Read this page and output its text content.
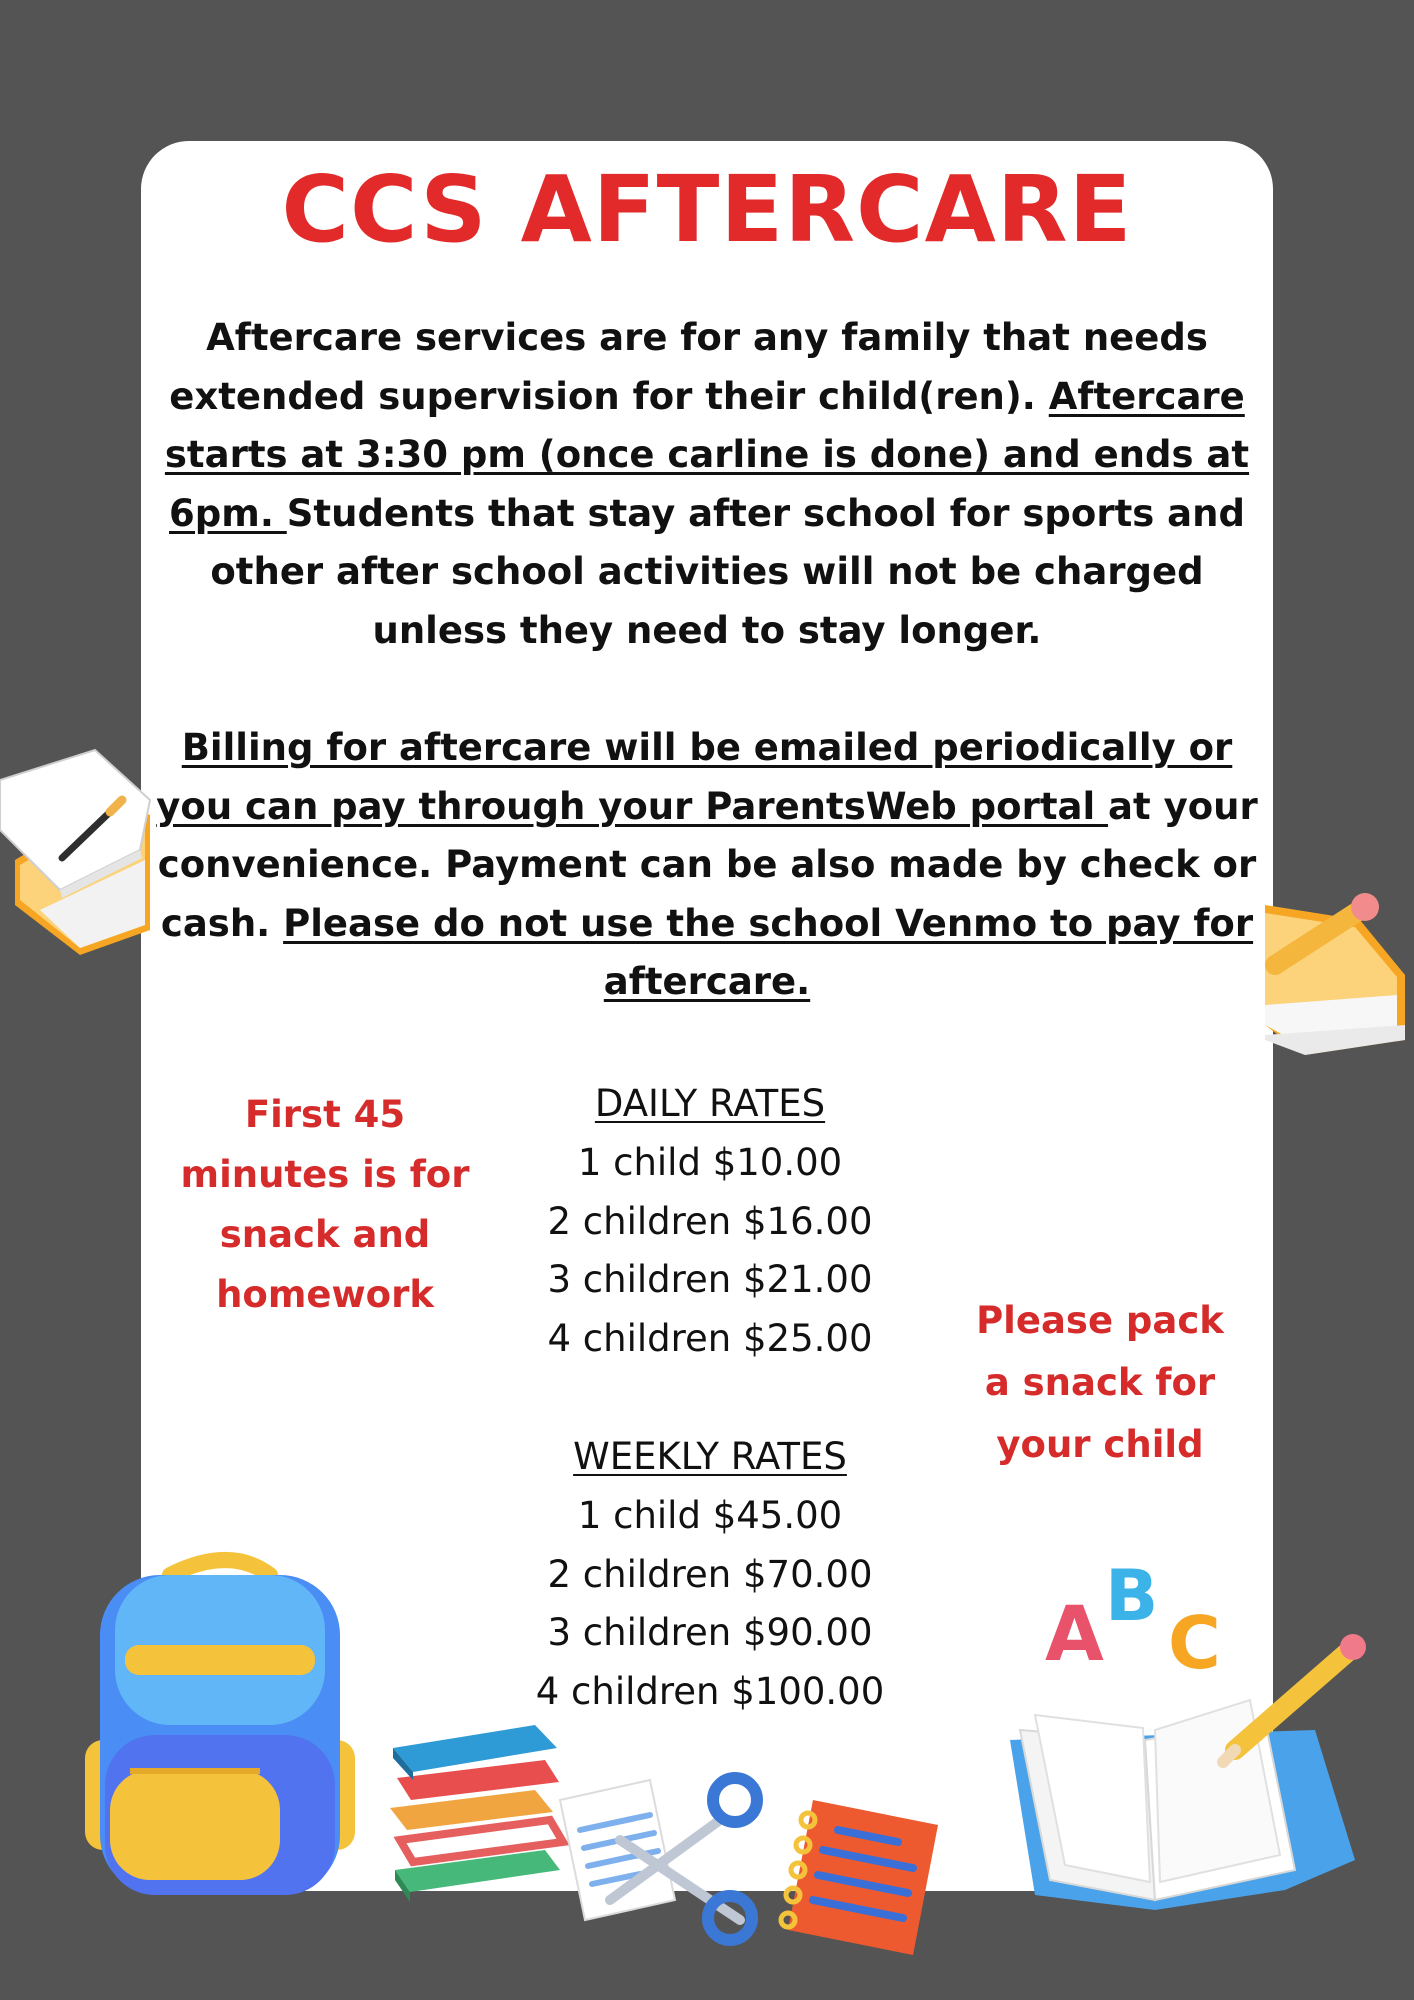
CCS AFTERCARE

Aftercare services are for any family that needs extended supervision for their child(ren). Aftercare starts at 3:30 pm (once carline is done) and ends at 6pm. Students that stay after school for sports and other after school activities will not be charged unless they need to stay longer.

Billing for aftercare will be emailed periodically or you can pay through your ParentsWeb portal at your convenience. Payment can be also made by check or cash. Please do not use the school Venmo to pay for aftercare.

First 45
minutes is for
snack and
homework
Please pack
a snack for
your child
DAILY RATES
1 child $10.00
2 children $16.00
3 children $21.00
4 children $25.00
WEEKLY RATES
1 child $45.00
2 children $70.00
3 children $90.00
4 children $100.00
A B
C
